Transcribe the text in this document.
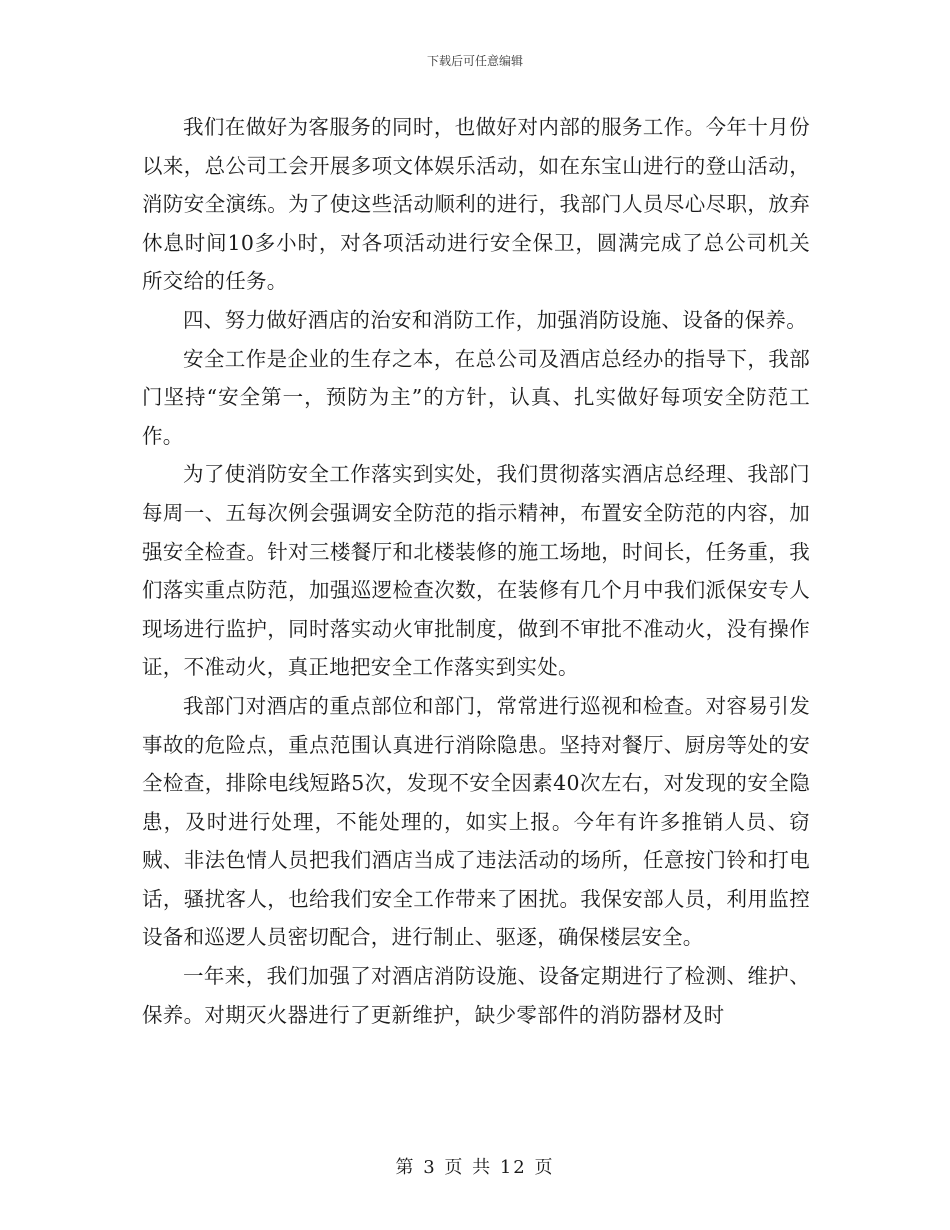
下载后可任意编辑

我们在做好为客服务的同时，也做好对内部的服务工作。今年十月份以来，总公司工会开展多项文体娱乐活动，如在东宝山进行的登山活动，消防安全演练。为了使这些活动顺利的进行，我部门人员尽心尽职，放弃休息时间10多小时，对各项活动进行安全保卫，圆满完成了总公司机关所交给的任务。

四、努力做好酒店的治安和消防工作，加强消防设施、设备的保养。

安全工作是企业的生存之本，在总公司及酒店总经办的指导下，我部门坚持“安全第一，预防为主”的方针，认真、扎实做好每项安全防范工作。

为了使消防安全工作落实到实处，我们贯彻落实酒店总经理、我部门每周一、五每次例会强调安全防范的指示精神，布置安全防范的内容，加强安全检查。针对三楼餐厅和北楼装修的施工场地，时间长，任务重，我们落实重点防范，加强巡逻检查次数，在装修有几个月中我们派保安专人现场进行监护，同时落实动火审批制度，做到不审批不准动火，没有操作证，不准动火，真正地把安全工作落实到实处。

我部门对酒店的重点部位和部门，常常进行巡视和检查。对容易引发事故的危险点，重点范围认真进行消除隐患。坚持对餐厅、厨房等处的安全检查，排除电线短路5次，发现不安全因素40次左右，对发现的安全隐患，及时进行处理，不能处理的，如实上报。今年有许多推销人员、窃贼、非法色情人员把我们酒店当成了违法活动的场所，任意按门铃和打电话，骚扰客人，也给我们安全工作带来了困扰。我保安部人员，利用监控设备和巡逻人员密切配合，进行制止、驱逐，确保楼层安全。

一年来，我们加强了对酒店消防设施、设备定期进行了检测、维护、保养。对期灭火器进行了更新维护，缺少零部件的消防器材及时

第 3 页 共 12 页
